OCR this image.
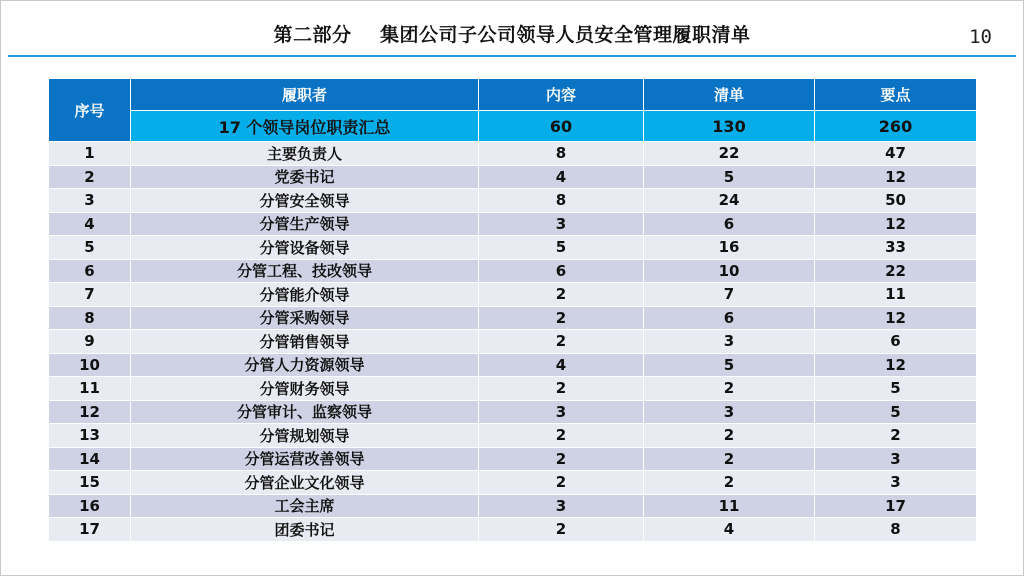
第二部分    集团公司子公司领导人员安全管理履职清单	10
序号	履职者	内容	清单	要点
	17 个领导岗位职责汇总	60	130	260
1	主要负责人	8	22	47
2	党委书记	4	5	12
3	分管安全领导	8	24	50
4	分管生产领导	3	6	12
5	分管设备领导	5	16	33
6	分管工程、技改领导	6	10	22
7	分管能介领导	2	7	11
8	分管采购领导	2	6	12
9	分管销售领导	2	3	6
10	分管人力资源领导	4	5	12
11	分管财务领导	2	2	5
12	分管审计、监察领导	3	3	5
13	分管规划领导	2	2	2
14	分管运营改善领导	2	2	3
15	分管企业文化领导	2	2	3
16	工会主席	3	11	17
17	团委书记	2	4	8
